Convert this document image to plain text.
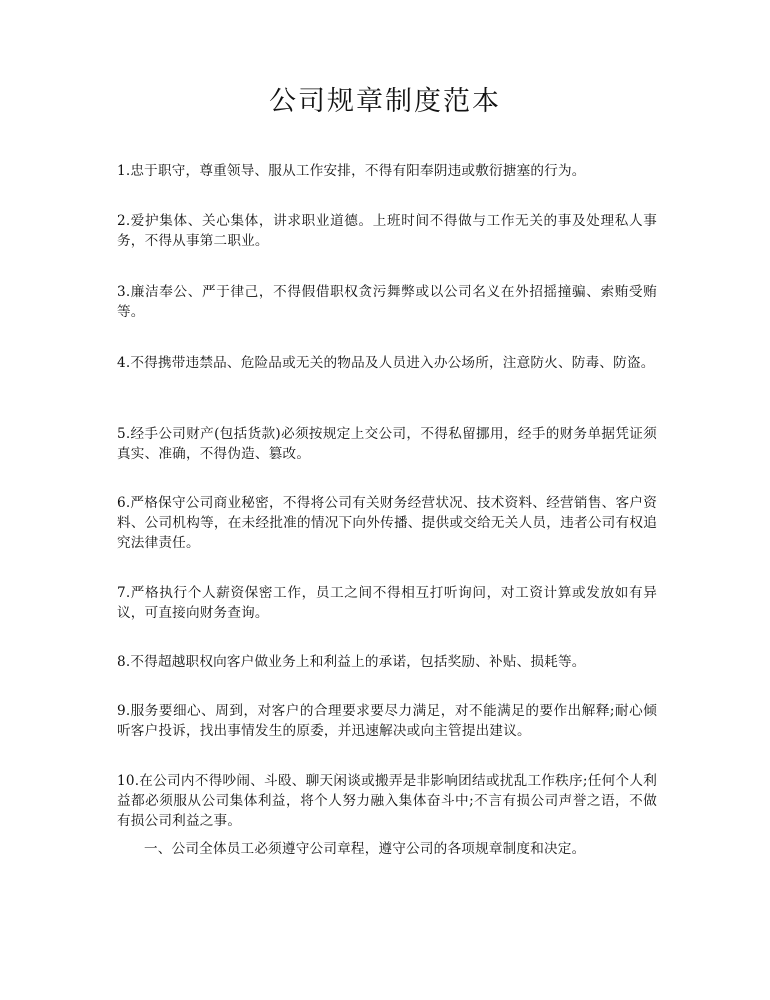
公司规章制度范本

1.忠于职守，尊重领导、服从工作安排，不得有阳奉阴违或敷衍搪塞的行为。

2.爱护集体、关心集体，讲求职业道德。上班时间不得做与工作无关的事及处理私人事务，不得从事第二职业。

3.廉洁奉公、严于律己，不得假借职权贪污舞弊或以公司名义在外招摇撞骗、索贿受贿等。

4.不得携带违禁品、危险品或无关的物品及人员进入办公场所，注意防火、防毒、防盗。

5.经手公司财产(包括货款)必须按规定上交公司，不得私留挪用，经手的财务单据凭证须真实、准确，不得伪造、篡改。

6.严格保守公司商业秘密，不得将公司有关财务经营状况、技术资料、经营销售、客户资料、公司机构等，在未经批准的情况下向外传播、提供或交给无关人员，违者公司有权追究法律责任。

7.严格执行个人薪资保密工作，员工之间不得相互打听询问，对工资计算或发放如有异议，可直接向财务查询。

8.不得超越职权向客户做业务上和利益上的承诺，包括奖励、补贴、损耗等。

9.服务要细心、周到，对客户的合理要求要尽力满足，对不能满足的要作出解释;耐心倾听客户投诉，找出事情发生的原委，并迅速解决或向主管提出建议。

10.在公司内不得吵闹、斗殴、聊天闲谈或搬弄是非影响团结或扰乱工作秩序;任何个人利益都必须服从公司集体利益，将个人努力融入集体奋斗中;不言有损公司声誉之语，不做有损公司利益之事。

一、公司全体员工必须遵守公司章程，遵守公司的各项规章制度和决定。
